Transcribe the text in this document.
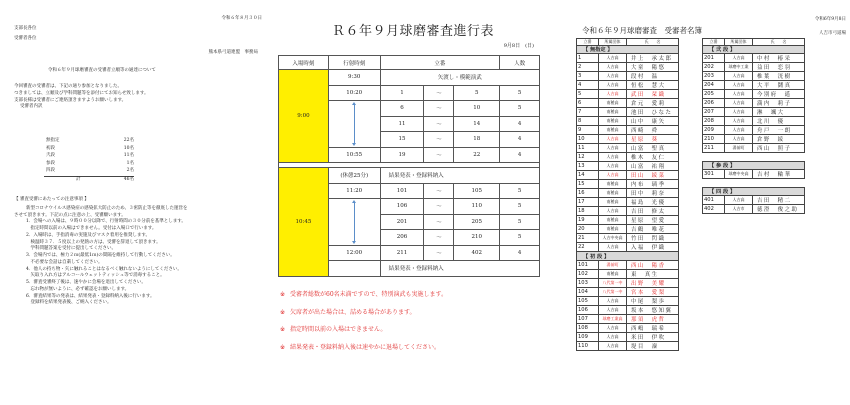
令和６年８月３０日
支部長各位
受審者各位
熊本県弓道連盟　事務局
令和６年９月球磨審査の受審者立順等の通達について
今回審査の受審者は、下記の通り参加となりました。
つきましては、立順及び学科問題等を添付にてお知らせ致します。
支部長様は受審者にご連絡頂きますようお願いします。
受審者内訳
無指定	22名
初段	10名
弐段	11名
参段	1名
四段	2名
計	46名
【 審査受審にあたっての注意事項 】
新型コロナウイルス感染症の感染拡大防止のため、３密防止等を徹底した運営を
させて頂きます。下記の点に注意の上、受審願います。
1．会場への入場は、９時００分以降で、行射時間の３０分前を基準とします。
　指定時間以前の入場はできません。受付は入場口で行います。
2．入場時は、手指消毒の実施及びマスク着用を推奨します。
　検温時３７．５度以上の発熱の方は、受審を辞退して頂きます。
　学科問題答案を受付に提出してください。
3．会場内では、極力２ｍ(最低1ｍ)の間隔を維持して行動してください。
　不必要な会話は自粛してください。
4．他人の持ち物・矢に触れることはなるべく触れないようにしてください。
　矢取り入れ方はアルコールウェットティッシュ等で消毒すること。
5．審査受審終了後は、速やかに会場を退出してください。
　忘れ物が無いように、必ず確認をお願いします。
6．審査結果等の発表は、結果発表・登録料納入後に行います。
　登録料を結果発表後、ご納入ください。
Ｒ６年９月球磨審査進行表
9月8日　(日)
入場時刻	行射時刻	立番			人数
9:00	9:30	矢渡し・模範演武			
	10:20	1	〜	5	5

		6	〜	10	5
		11	〜	14	4
		15	〜	18	4
	10:55	19	〜	22	4

10:45	(休憩25分)	結果発表・登録料納入			
	11:20	101	〜	105	5

		106	〜	110	5
		201	〜	205	5
		206	〜	210	5
	12:00	211	〜	402	4
		結果発表・登録料納入			
※ 受審者総数が60名未満ですので、特別演武も実施します。
※ 欠席者が出た場合は、詰める場合があります。
※ 指定時間以前の入場はできません。
※ 結果発表・登録料納入後は速やかに退場してください。
令和6年9月8日
令和６年９月球磨審査　受審者名簿	人吉市弓道場
立番	所属団体	氏　　名
【 無指定 】		
1	人吉高	井上　承太郎
2	人吉高	大童　陽悠
3	人吉高	段村　温
4	人吉高	恒松　慧大
5	人吉高	武田　栞織
6	南稜高	倉元　愛莉
7	南稜高	池田　ひなた
8	南稜高	山中　康矢
9	南稜高	西崎　舜
10	人吉高	星原　葵
11	人吉高	山富　聖真
12	人吉高	椎木　友仁
13	人吉高	山富　祐翔
14	人吉高	田山　綾菜
15	南稜高	内布　璃季
16	南稜高	田中　莉奈
17	南稜高	福島　光優
18	人吉高	吉田　修太
19	南稜高	星原　望愛
20	南稜高	吉鶴　唯花
21	人吉中央高	竹田　閃織
22	人吉高	入福　伊織
【 初 段 】		
101	湯前町	西山　陽香
102	南稜高	東　真生
103	八代第一中	出野　美耀
104	八代第一中	宮本　愛梨
105	人吉高	中尾　梨歩
106	人吉高	坂本　悠知翼
107	球磨工業高	那須　虎哲
108	人吉高	西嶋　瑞希
109	人吉高	米田　伊吹
110	人吉高	堤目　凜
立番	所属団体	氏　　名
【 弐 段 】		
201	人吉高	中村　椿采
202	球磨中工業	益田　恋羽
203	人吉高	椎葉　洸樹
204	人吉高	大平　鬪真
205	人吉高	今別府　遥
206	人吉高	満内　莉子
207	人吉高	淋　颯大
208	人吉高	北川　優
209	人吉高	舟戸　一朗
210	人吉高	倉野　綾
211	湯前町	西山　照子

【 参 段 】		
301	球磨中央高	吉村　輪華

【 四 段 】		
401	人吉高	吉田　精二
402	人吉市	徳澄　俊之助
